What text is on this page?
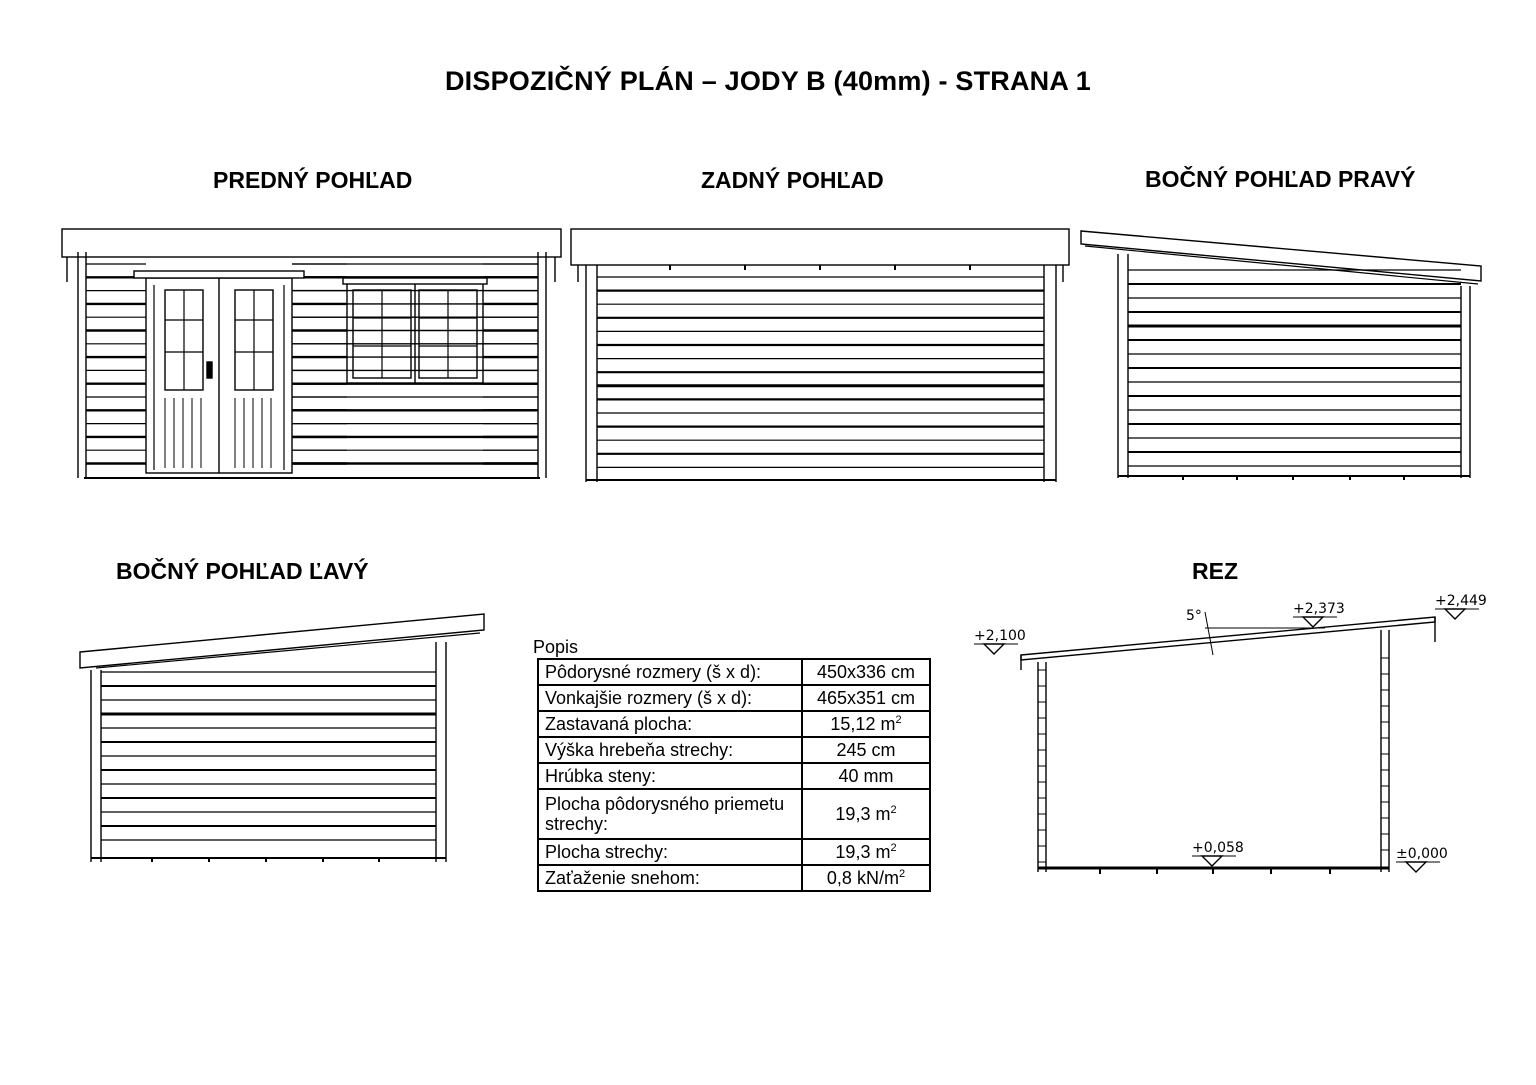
DISPOZIČNÝ PLÁN – JODY B (40mm) - STRANA 1
PREDNÝ POHĽAD	ZADNÝ POHĽAD	BOČNÝ POHĽAD PRAVÝ
BOČNÝ POHĽAD ĽAVÝ	REZ
+2,100
+2,373	+2,449
+0,058	±0,000
5°
Popis
Pôdorysné rozmery (š x d):	450x336 cm
Vonkajšie rozmery (š x d):	465x351 cm
Zastavaná plocha:	15,12 $m^2$
Výška hrebeňa strechy:	245 cm
Hrúbka steny:	40 mm
Plocha pôdorysného priemetu strechy:	19,3 $m^2$
Plocha strechy:	19,3 $m^2$
Zaťaženie snehom:	0,8 $kN/m^2$
